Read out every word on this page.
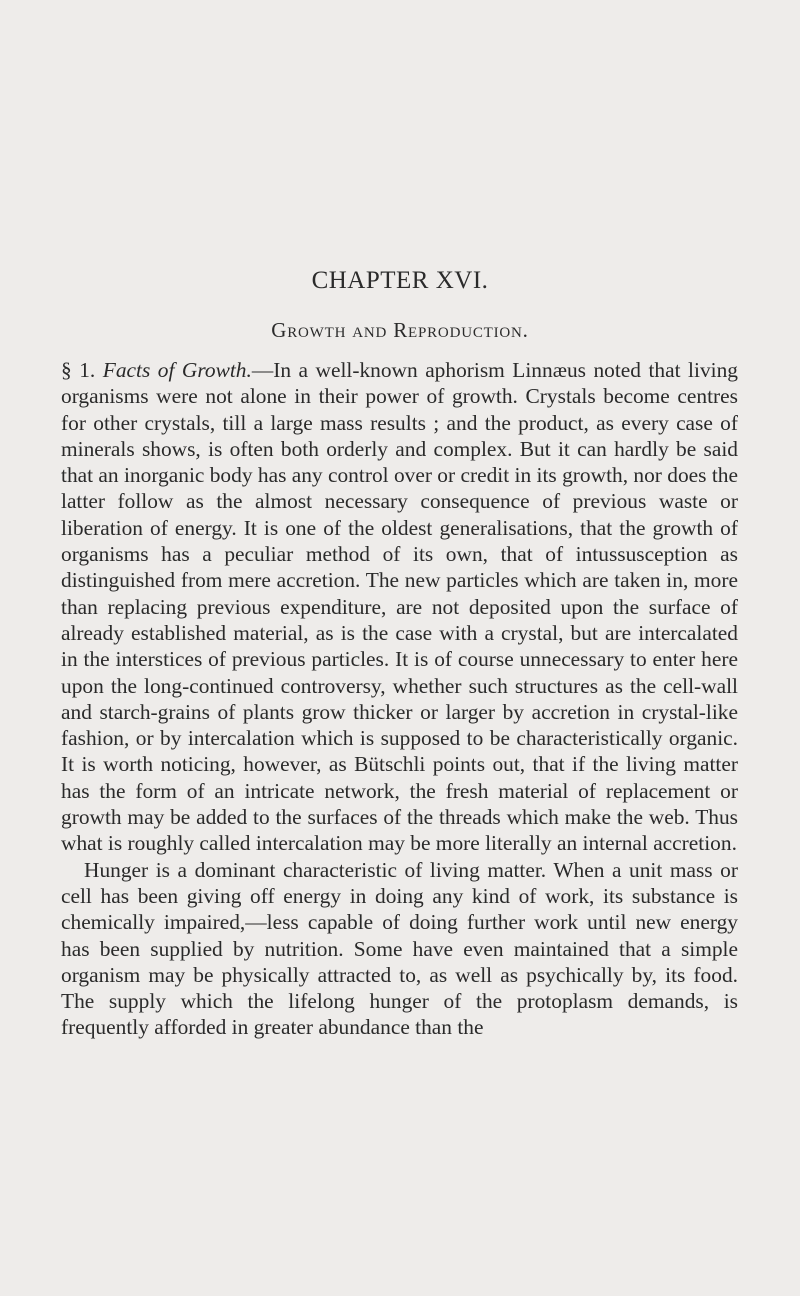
CHAPTER XVI.
Growth and Reproduction.

§ 1. Facts of Growth.—In a well-known aphorism Linnæus noted that living organisms were not alone in their power of growth. Crystals become centres for other crystals, till a large mass results ; and the product, as every case of minerals shows, is often both orderly and complex. But it can hardly be said that an inorganic body has any control over or credit in its growth, nor does the latter follow as the almost necessary consequence of previous waste or liberation of energy. It is one of the oldest generalisations, that the growth of organisms has a peculiar method of its own, that of intussusception as distinguished from mere accretion. The new particles which are taken in, more than replacing previous expenditure, are not deposited upon the surface of already established material, as is the case with a crystal, but are intercalated in the interstices of previous particles. It is of course unnecessary to enter here upon the long-continued controversy, whether such structures as the cell-wall and starch-grains of plants grow thicker or larger by accretion in crystal-like fashion, or by intercalation which is supposed to be characteristically organic. It is worth noticing, however, as Bütschli points out, that if the living matter has the form of an intricate network, the fresh material of replacement or growth may be added to the surfaces of the threads which make the web. Thus what is roughly called intercalation may be more literally an internal accretion.

Hunger is a dominant characteristic of living matter. When a unit mass or cell has been giving off energy in doing any kind of work, its substance is chemically impaired,—less capable of doing further work until new energy has been supplied by nutrition. Some have even maintained that a simple organism may be physically attracted to, as well as psychically by, its food. The supply which the lifelong hunger of the protoplasm demands, is frequently afforded in greater abundance than the
